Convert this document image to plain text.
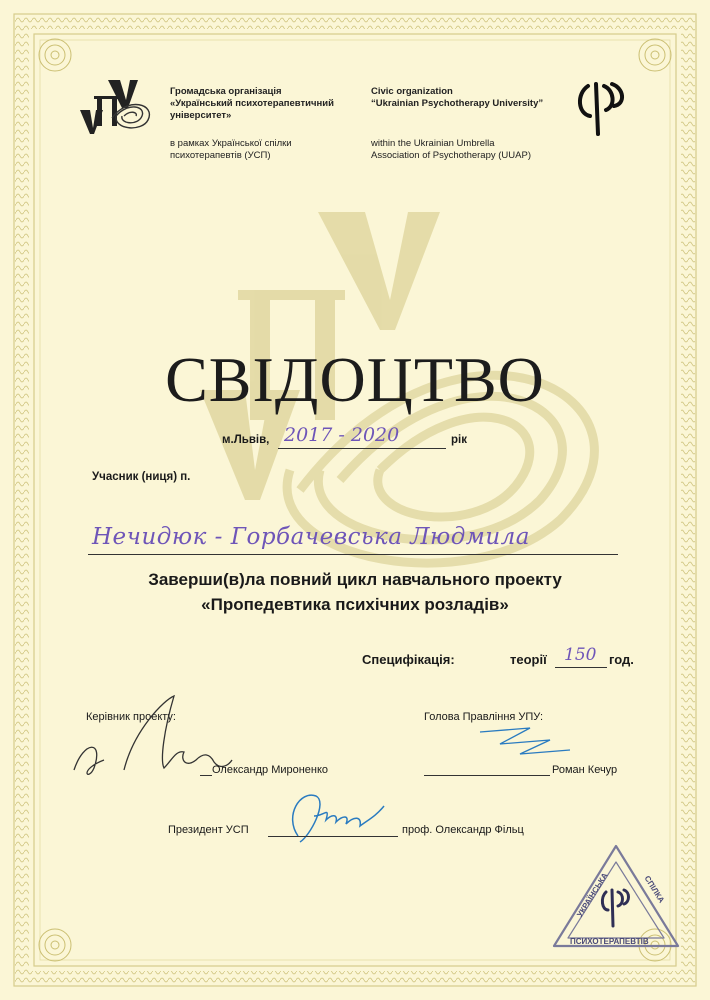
Громадська організація
«Український психотерапевтичний
університет»
в рамках Української спілки
психотерапевтів (УСП)
Civic organization
“Ukrainian Psychotherapy University”
within the Ukrainian Umbrella
Association of Psychotherapy (UUAP)
СВІДОЦТВО
м.Львів, 2017 - 2020	рік
Учасник (ниця) п.
Нечидюк - Горбачевська Людмила
Заверши(в)ла повний цикл навчального проекту
«Пропедевтика психічних розладів»
Специфікація:	теорії 150 год.
Керівник проекту:
Олександр Мироненко
Голова Правління УПУ:
Роман Кечур
Президент УСП	проф. Олександр Фільц
УКРАЇНСЬКА	СПІЛКА
ПСИХОТЕРАПЕВТІВ
